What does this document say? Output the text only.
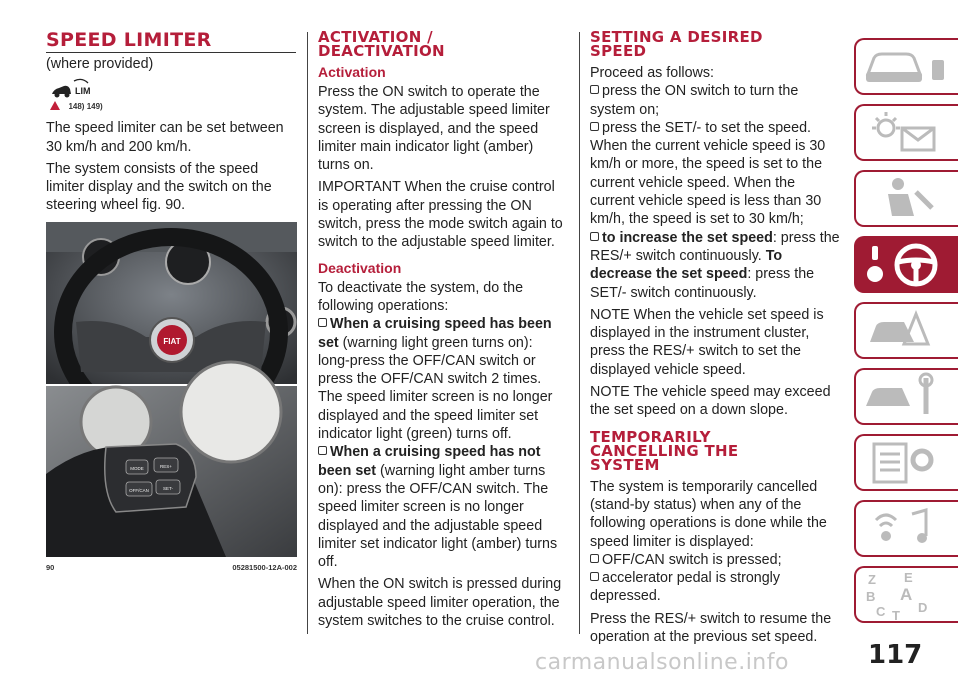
SPEED LIMITER

(where provided)

LIM
148) 149)

The speed limiter can be set between 30 km/h and 200 km/h.

The system consists of the speed limiter display and the switch on the steering wheel fig. 90.

FIAT
MODE	RES+
OFF/CAN	SET-
90	05281500-12A-002
ACTIVATION /
DEACTIVATION
Activation

Press the ON switch to operate the system. The adjustable speed limiter screen is displayed, and the speed limiter main indicator light (amber) turns on.

IMPORTANT When the cruise control is operating after pressing the ON switch, press the mode switch again to switch to the adjustable speed limiter.

Deactivation

To deactivate the system, do the following operations:

When a cruising speed has been set (warning light green turns on): long-press the OFF/CAN switch or press the OFF/CAN switch 2 times. The speed limiter screen is no longer displayed and the speed limiter set indicator light (green) turns off.
When a cruising speed has not been set (warning light amber turns on): press the OFF/CAN switch. The speed limiter screen is no longer displayed and the adjustable speed limiter set indicator light (amber) turns off.

When the ON switch is pressed during adjustable speed limiter operation, the system switches to the cruise control.

SETTING A DESIRED
SPEED

Proceed as follows:

press the ON switch to turn the system on;
press the SET/- to set the speed. When the current vehicle speed is 30 km/h or more, the speed is set to the current vehicle speed. When the current vehicle speed is less than 30 km/h, the speed is set to 30 km/h;
to increase the set speed: press the RES/+ switch continuously. To decrease the set speed: press the SET/- switch continuously.

NOTE When the vehicle set speed is displayed in the instrument cluster, press the RES/+ switch to set the displayed vehicle speed.

NOTE The vehicle speed may exceed the set speed on a down slope.

TEMPORARILY
CANCELLING THE
SYSTEM

The system is temporarily cancelled (stand-by status) when any of the following operations is done while the speed limiter is displayed:

OFF/CAN switch is pressed;
accelerator pedal is strongly depressed.

Press the RES/+ switch to resume the operation at the previous set speed.

Z E
B A
C	D
T
117
carmanualsonline.info
